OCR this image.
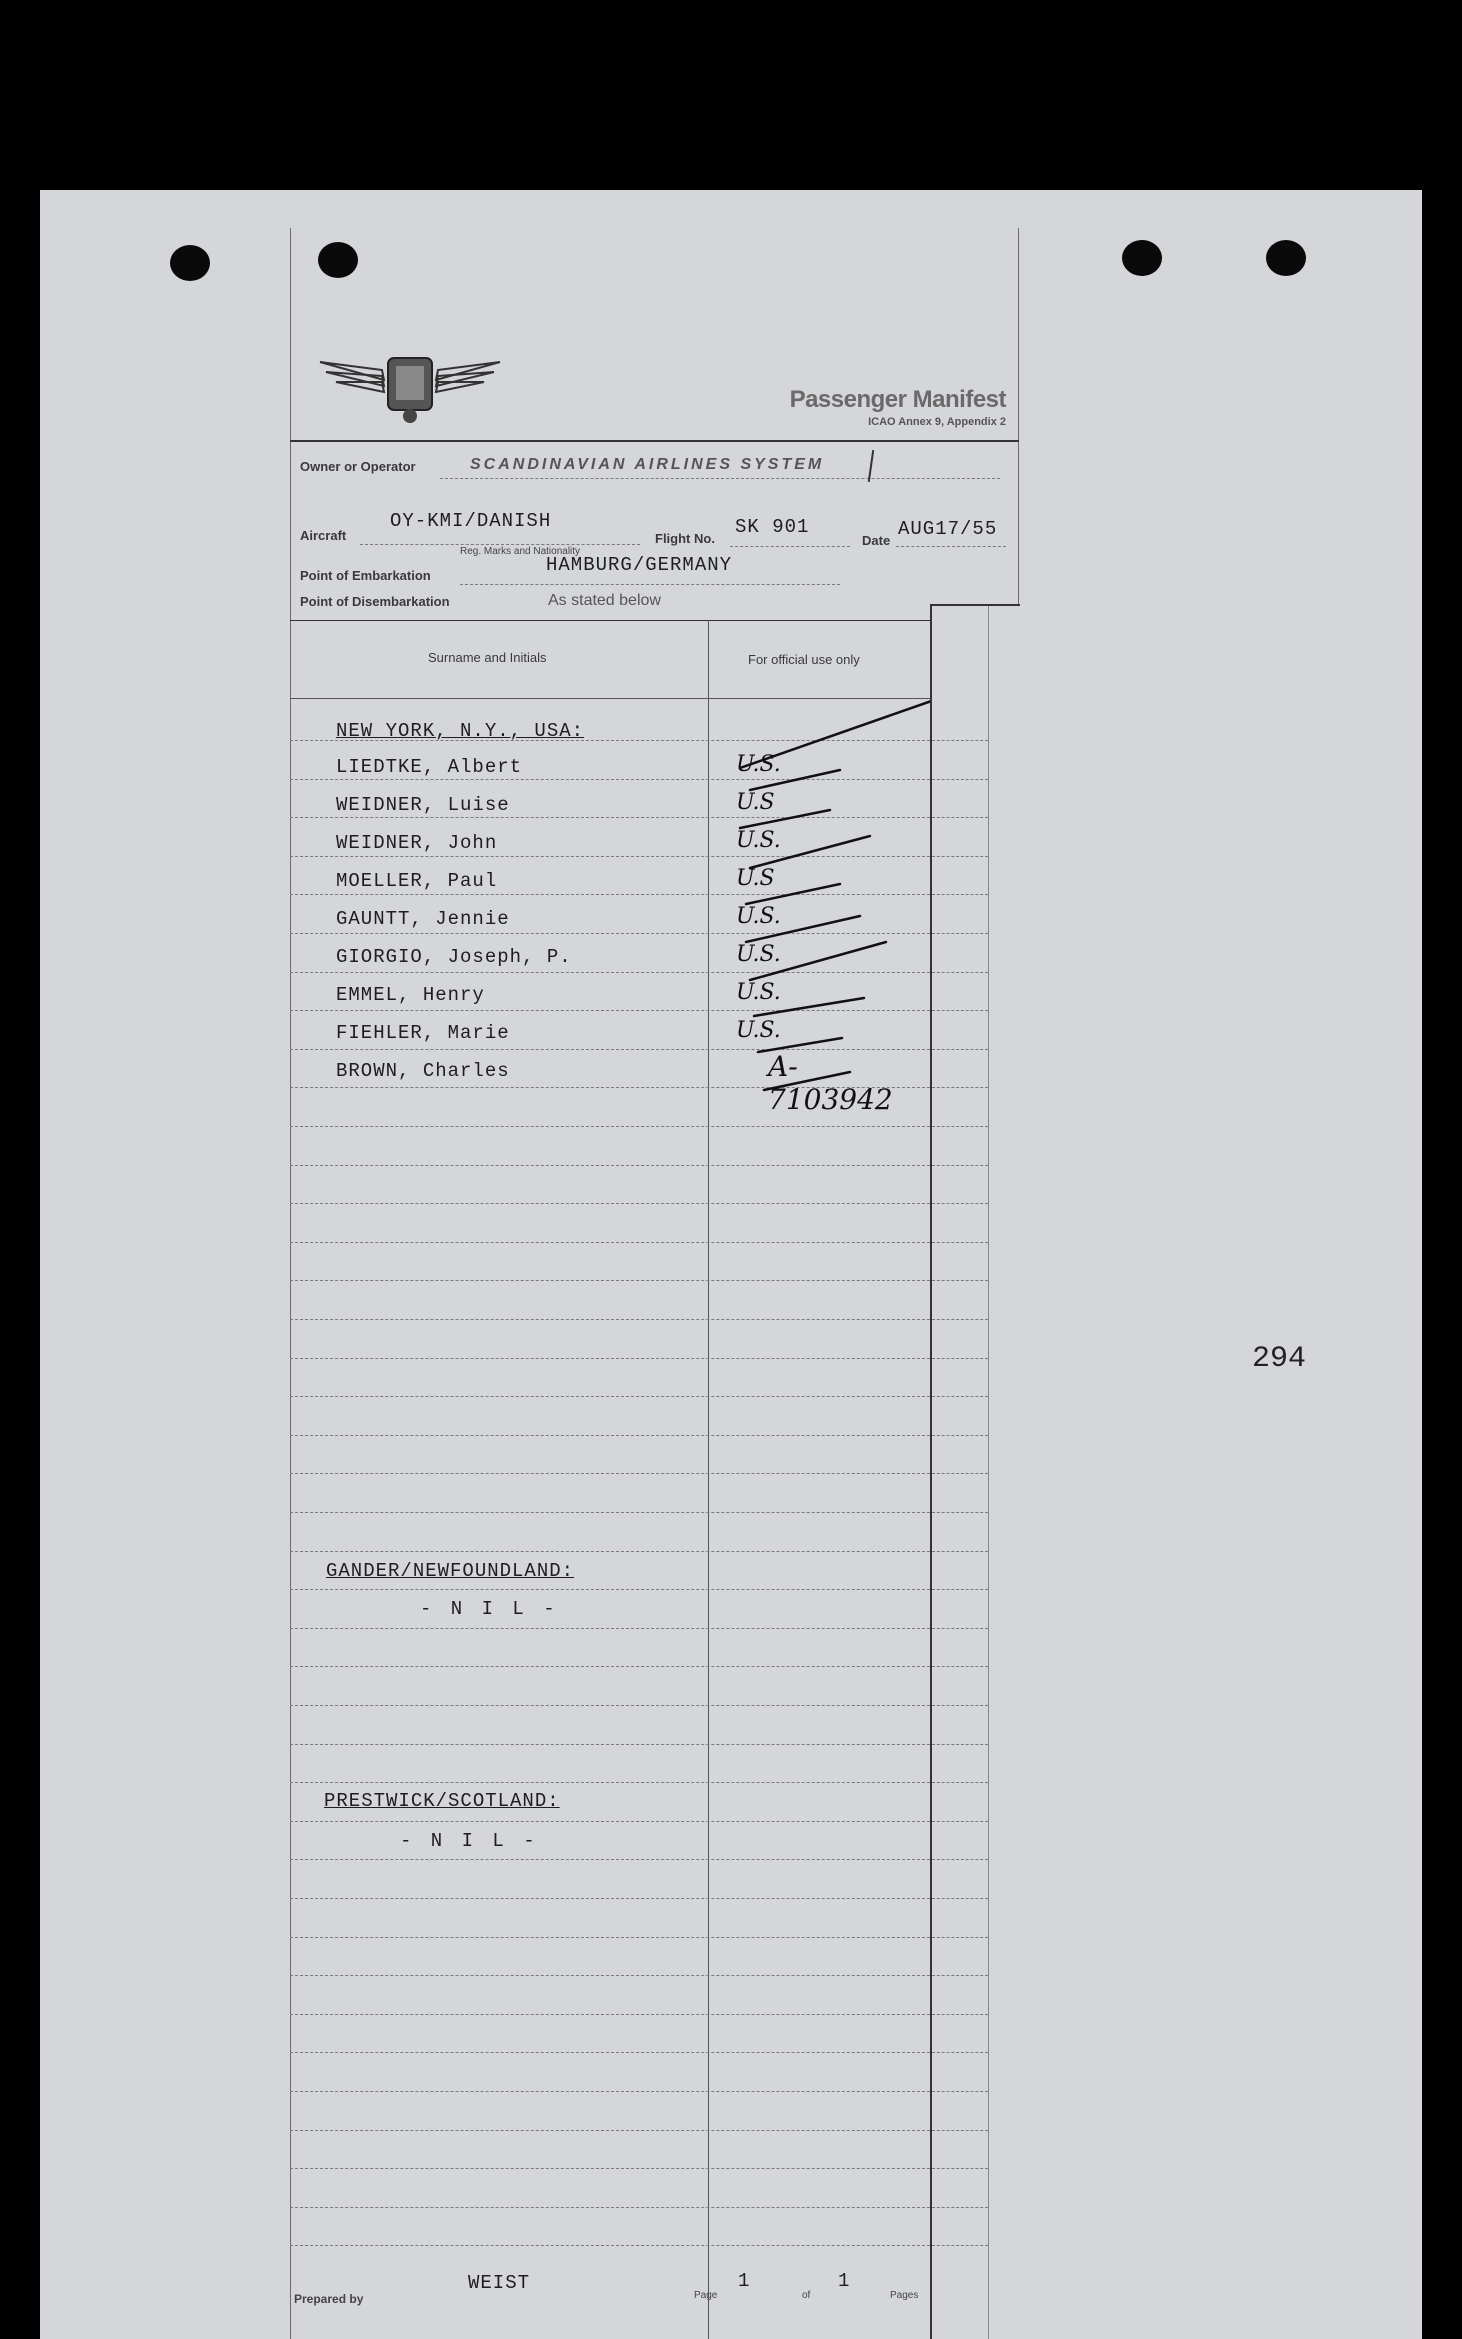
294
Passenger Manifest
ICAO Annex 9, Appendix 2
Owner or Operator	SCANDINAVIAN AIRLINES SYSTEM
Aircraft
OY-KMI/DANISH
Reg. Marks and Nationality
Flight No.
SK 901
Date
AUG17/55
Point of Embarkation	HAMBURG/GERMANY
Point of Disembarkation	As stated below
Surname and Initials	For official use only
NEW YORK, N.Y., USA:
LIEDTKE, Albert	U.S.
WEIDNER, Luise	U.S
WEIDNER, John	U.S.
MOELLER, Paul	U.S
GAUNTT, Jennie	U.S.
GIORGIO, Joseph, P.	U.S.
EMMEL, Henry	U.S.
FIEHLER, Marie	U.S.
BROWN, Charles	A-7103942
GANDER/NEWFOUNDLAND:
- N I L -
PRESTWICK/SCOTLAND:
- N I L -
Prepared by
WEIST
Page
1
of
1
Pages
